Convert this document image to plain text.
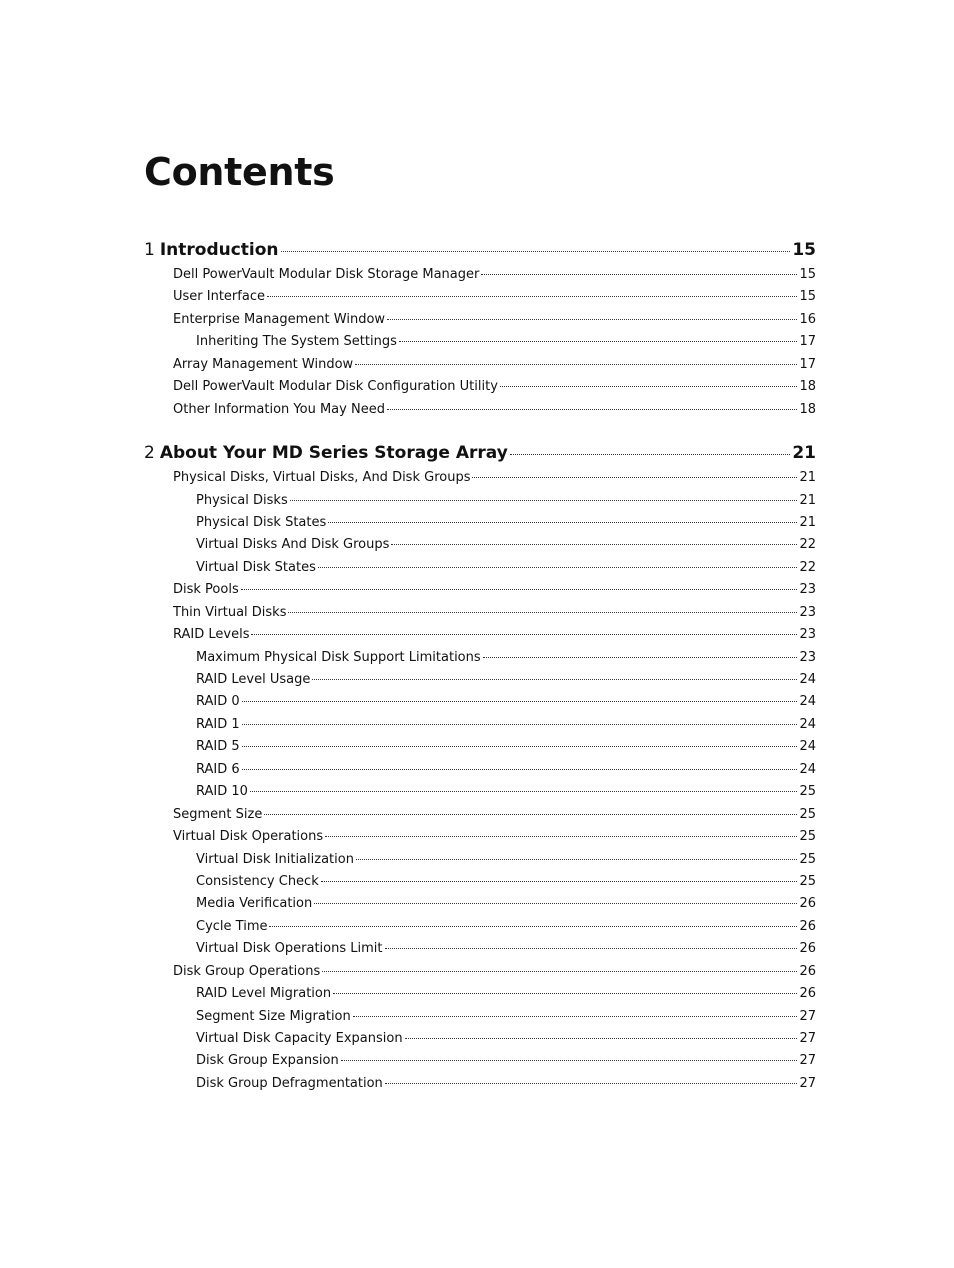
Contents
1 Introduction	15
Dell PowerVault Modular Disk Storage Manager	15
User Interface	15
Enterprise Management Window	16
Inheriting The System Settings	17
Array Management Window	17
Dell PowerVault Modular Disk Configuration Utility	18
Other Information You May Need	18
2 About Your MD Series Storage Array	21
Physical Disks, Virtual Disks, And Disk Groups	21
Physical Disks	21
Physical Disk States	21
Virtual Disks And Disk Groups	22
Virtual Disk States	22
Disk Pools	23
Thin Virtual Disks	23
RAID Levels	23
Maximum Physical Disk Support Limitations	23
RAID Level Usage	24
RAID 0	24
RAID 1	24
RAID 5	24
RAID 6	24
RAID 10	25
Segment Size	25
Virtual Disk Operations	25
Virtual Disk Initialization	25
Consistency Check	25
Media Verification	26
Cycle Time	26
Virtual Disk Operations Limit	26
Disk Group Operations	26
RAID Level Migration	26
Segment Size Migration	27
Virtual Disk Capacity Expansion	27
Disk Group Expansion	27
Disk Group Defragmentation	27
